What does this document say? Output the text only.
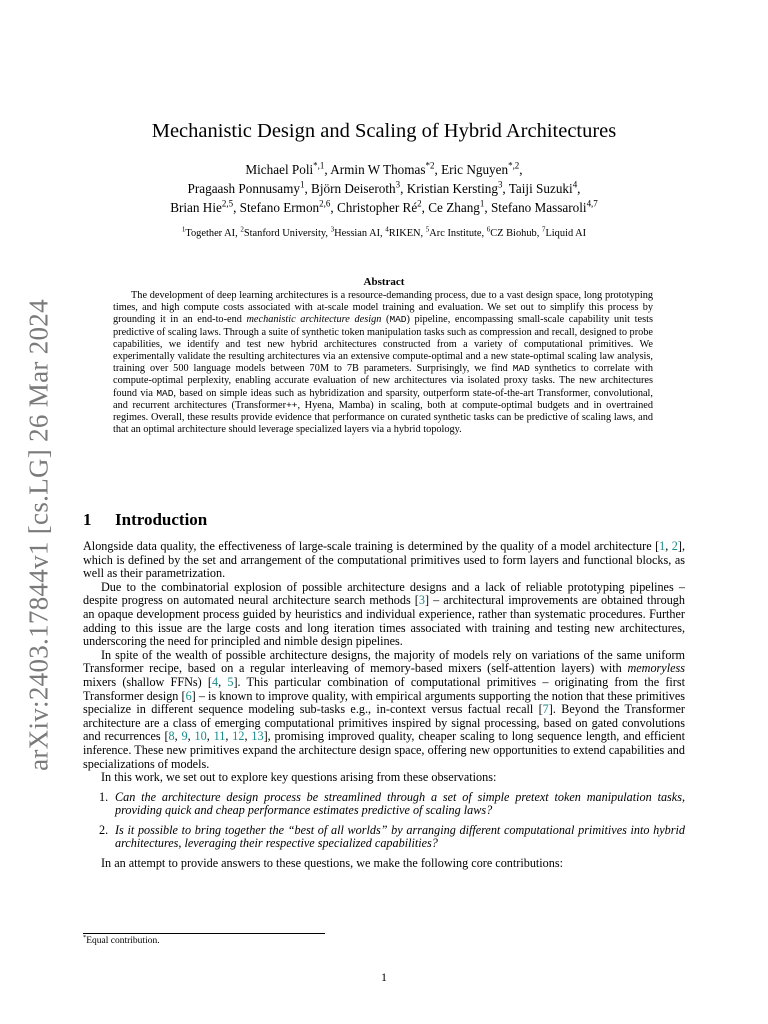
arXiv:2403.17844v1 [cs.LG] 26 Mar 2024
Mechanistic Design and Scaling of Hybrid Architectures
Michael Poli$^{*,1}$, Armin W Thomas$^{*2}$, Eric Nguyen$^{*,2}$,
Pragaash Ponnusamy$^1$, Björn Deiseroth$^3$, Kristian Kersting$^3$, Taiji Suzuki$^4$,
Brian Hie$^{2,5}$, Stefano Ermon$^{2,6}$, Christopher $Ré^2$, Ce Zhang$^1$, Stefano Massaroli$^{4,7}$
$^1$Together AI, $^2$Stanford University, $^3$Hessian AI, $^4$RIKEN, $^5$Arc Institute, $^6$CZ Biohub, $^7$Liquid AI
Abstract
The development of deep learning architectures is a resource-demanding process, due to a vast design space, long prototyping times, and high compute costs associated with at-scale model training and evaluation. We set out to simplify this process by grounding it in an end-to-end mechanistic architecture design (MAD) pipeline, encompassing small-scale capability unit tests predictive of scaling laws. Through a suite of synthetic token manipulation tasks such as compression and recall, designed to probe capabilities, we identify and test new hybrid architectures constructed from a variety of computational primitives. We experimentally validate the resulting architectures via an extensive compute-optimal and a new state-optimal scaling law analysis, training over 500 language models between 70M to 7B parameters. Surprisingly, we find MAD synthetics to correlate with compute-optimal perplexity, enabling accurate evaluation of new architectures via isolated proxy tasks. The new architectures found via MAD, based on simple ideas such as hybridization and sparsity, outperform state-of-the-art Transformer, convolutional, and recurrent architectures (Transformer++, Hyena, Mamba) in scaling, both at compute-optimal budgets and in overtrained regimes. Overall, these results provide evidence that performance on curated synthetic tasks can be predictive of scaling laws, and that an optimal architecture should leverage specialized layers via a hybrid topology.
1 Introduction

Alongside data quality, the effectiveness of large-scale training is determined by the quality of a model architecture [1, 2], which is defined by the set and arrangement of the computational primitives used to form layers and functional blocks, as well as their parametrization.

Due to the combinatorial explosion of possible architecture designs and a lack of reliable prototyping pipelines – despite progress on automated neural architecture search methods [3] – architectural improvements are obtained through an opaque development process guided by heuristics and individual experience, rather than systematic procedures. Further adding to this issue are the large costs and long iteration times associated with training and testing new architectures, underscoring the need for principled and nimble design pipelines.

In spite of the wealth of possible architecture designs, the majority of models rely on variations of the same uniform Transformer recipe, based on a regular interleaving of memory-based mixers (self-attention layers) with memoryless mixers (shallow FFNs) [4, 5]. This particular combination of computational primitives – originating from the first Transformer design [6] – is known to improve quality, with empirical arguments supporting the notion that these primitives specialize in different sequence modeling sub-tasks e.g., in-context versus factual recall [7]. Beyond the Transformer architecture are a class of emerging computational primitives inspired by signal processing, based on gated convolutions and recurrences [8, 9, 10, 11, 12, 13], promising improved quality, cheaper scaling to long sequence length, and efficient inference. These new primitives expand the architecture design space, offering new opportunities to extend capabilities and specializations of models.

In this work, we set out to explore key questions arising from these observations:

1. Can the architecture design process be streamlined through a set of simple pretext token manipulation tasks, providing quick and cheap performance estimates predictive of scaling laws?
2. Is it possible to bring together the “best of all worlds” by arranging different computational primitives into hybrid architectures, leveraging their respective specialized capabilities?

In an attempt to provide answers to these questions, we make the following core contributions:

*Equal contribution.
1
